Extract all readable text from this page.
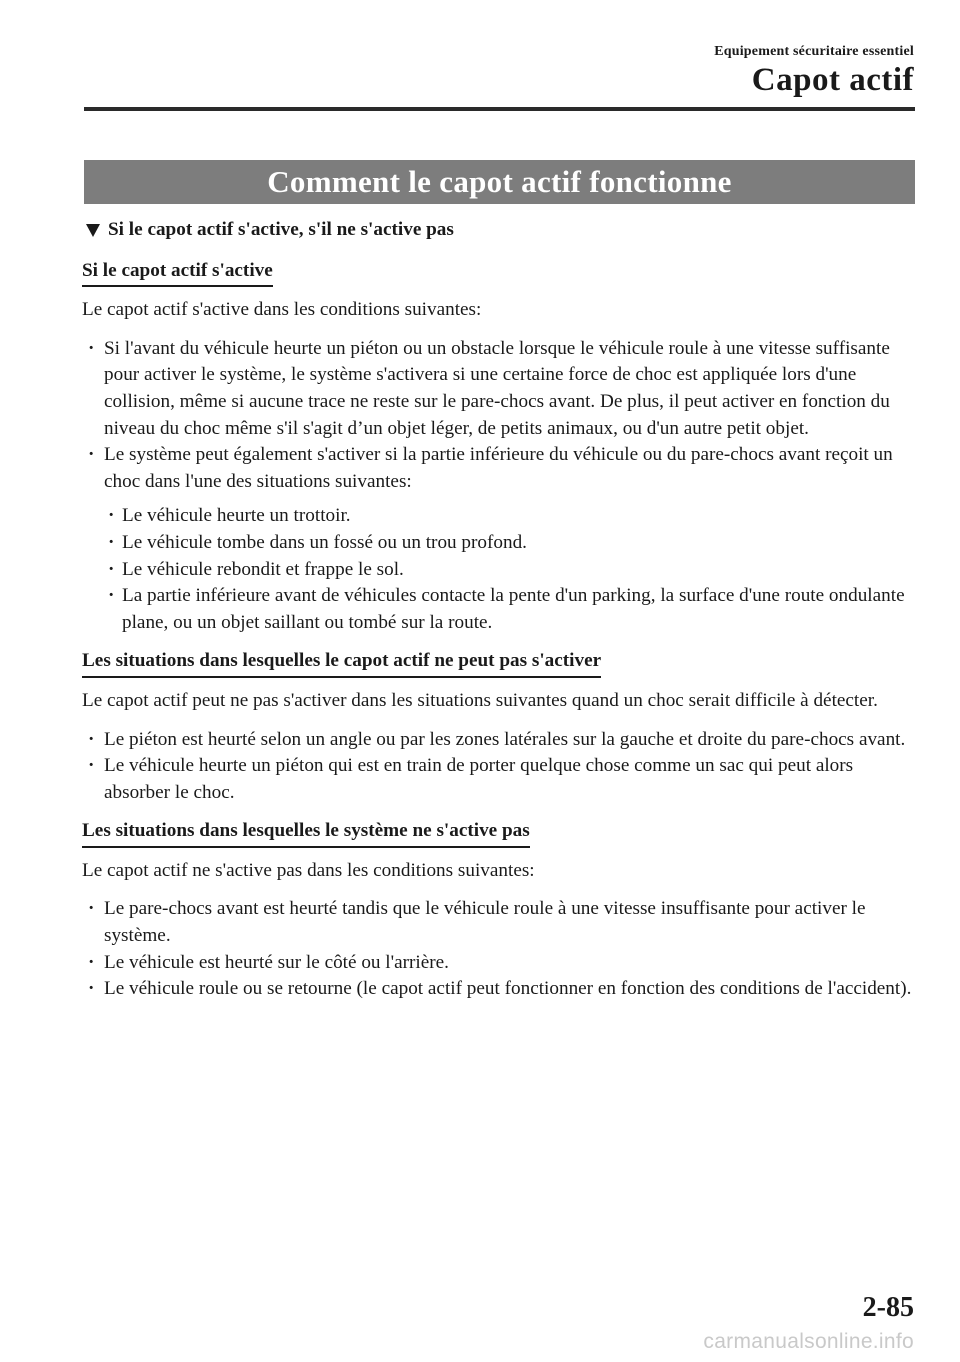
Equipement sécuritaire essentiel
Capot actif
Comment le capot actif fonctionne
Si le capot actif s'active, s'il ne s'active pas
Si le capot actif s'active

Le capot actif s'active dans les conditions suivantes:

· Si l'avant du véhicule heurte un piéton ou un obstacle lorsque le véhicule roule à une vitesse suffisante pour activer le système, le système s'activera si une certaine force de choc est appliquée lors d'une collision, même si aucune trace ne reste sur le pare-chocs avant. De plus, il peut activer en fonction du niveau du choc même s'il s'agit d’un objet léger, de petits animaux, ou d'un autre petit objet.

· Le système peut également s'activer si la partie inférieure du véhicule ou du pare-chocs avant reçoit un choc dans l'une des situations suivantes:

· Le véhicule heurte un trottoir.

· Le véhicule tombe dans un fossé ou un trou profond.

· Le véhicule rebondit et frappe le sol.

· La partie inférieure avant de véhicules contacte la pente d'un parking, la surface d'une route ondulante plane, ou un objet saillant ou tombé sur la route.

Les situations dans lesquelles le capot actif ne peut pas s'activer

Le capot actif peut ne pas s'activer dans les situations suivantes quand un choc serait difficile à détecter.

· Le piéton est heurté selon un angle ou par les zones latérales sur la gauche et droite du pare-chocs avant.

· Le véhicule heurte un piéton qui est en train de porter quelque chose comme un sac qui peut alors absorber le choc.

Les situations dans lesquelles le système ne s'active pas

Le capot actif ne s'active pas dans les conditions suivantes:

· Le pare-chocs avant est heurté tandis que le véhicule roule à une vitesse insuffisante pour activer le système.

· Le véhicule est heurté sur le côté ou l'arrière.

· Le véhicule roule ou se retourne (le capot actif peut fonctionner en fonction des conditions de l'accident).

2-85
carmanualsonline.info
